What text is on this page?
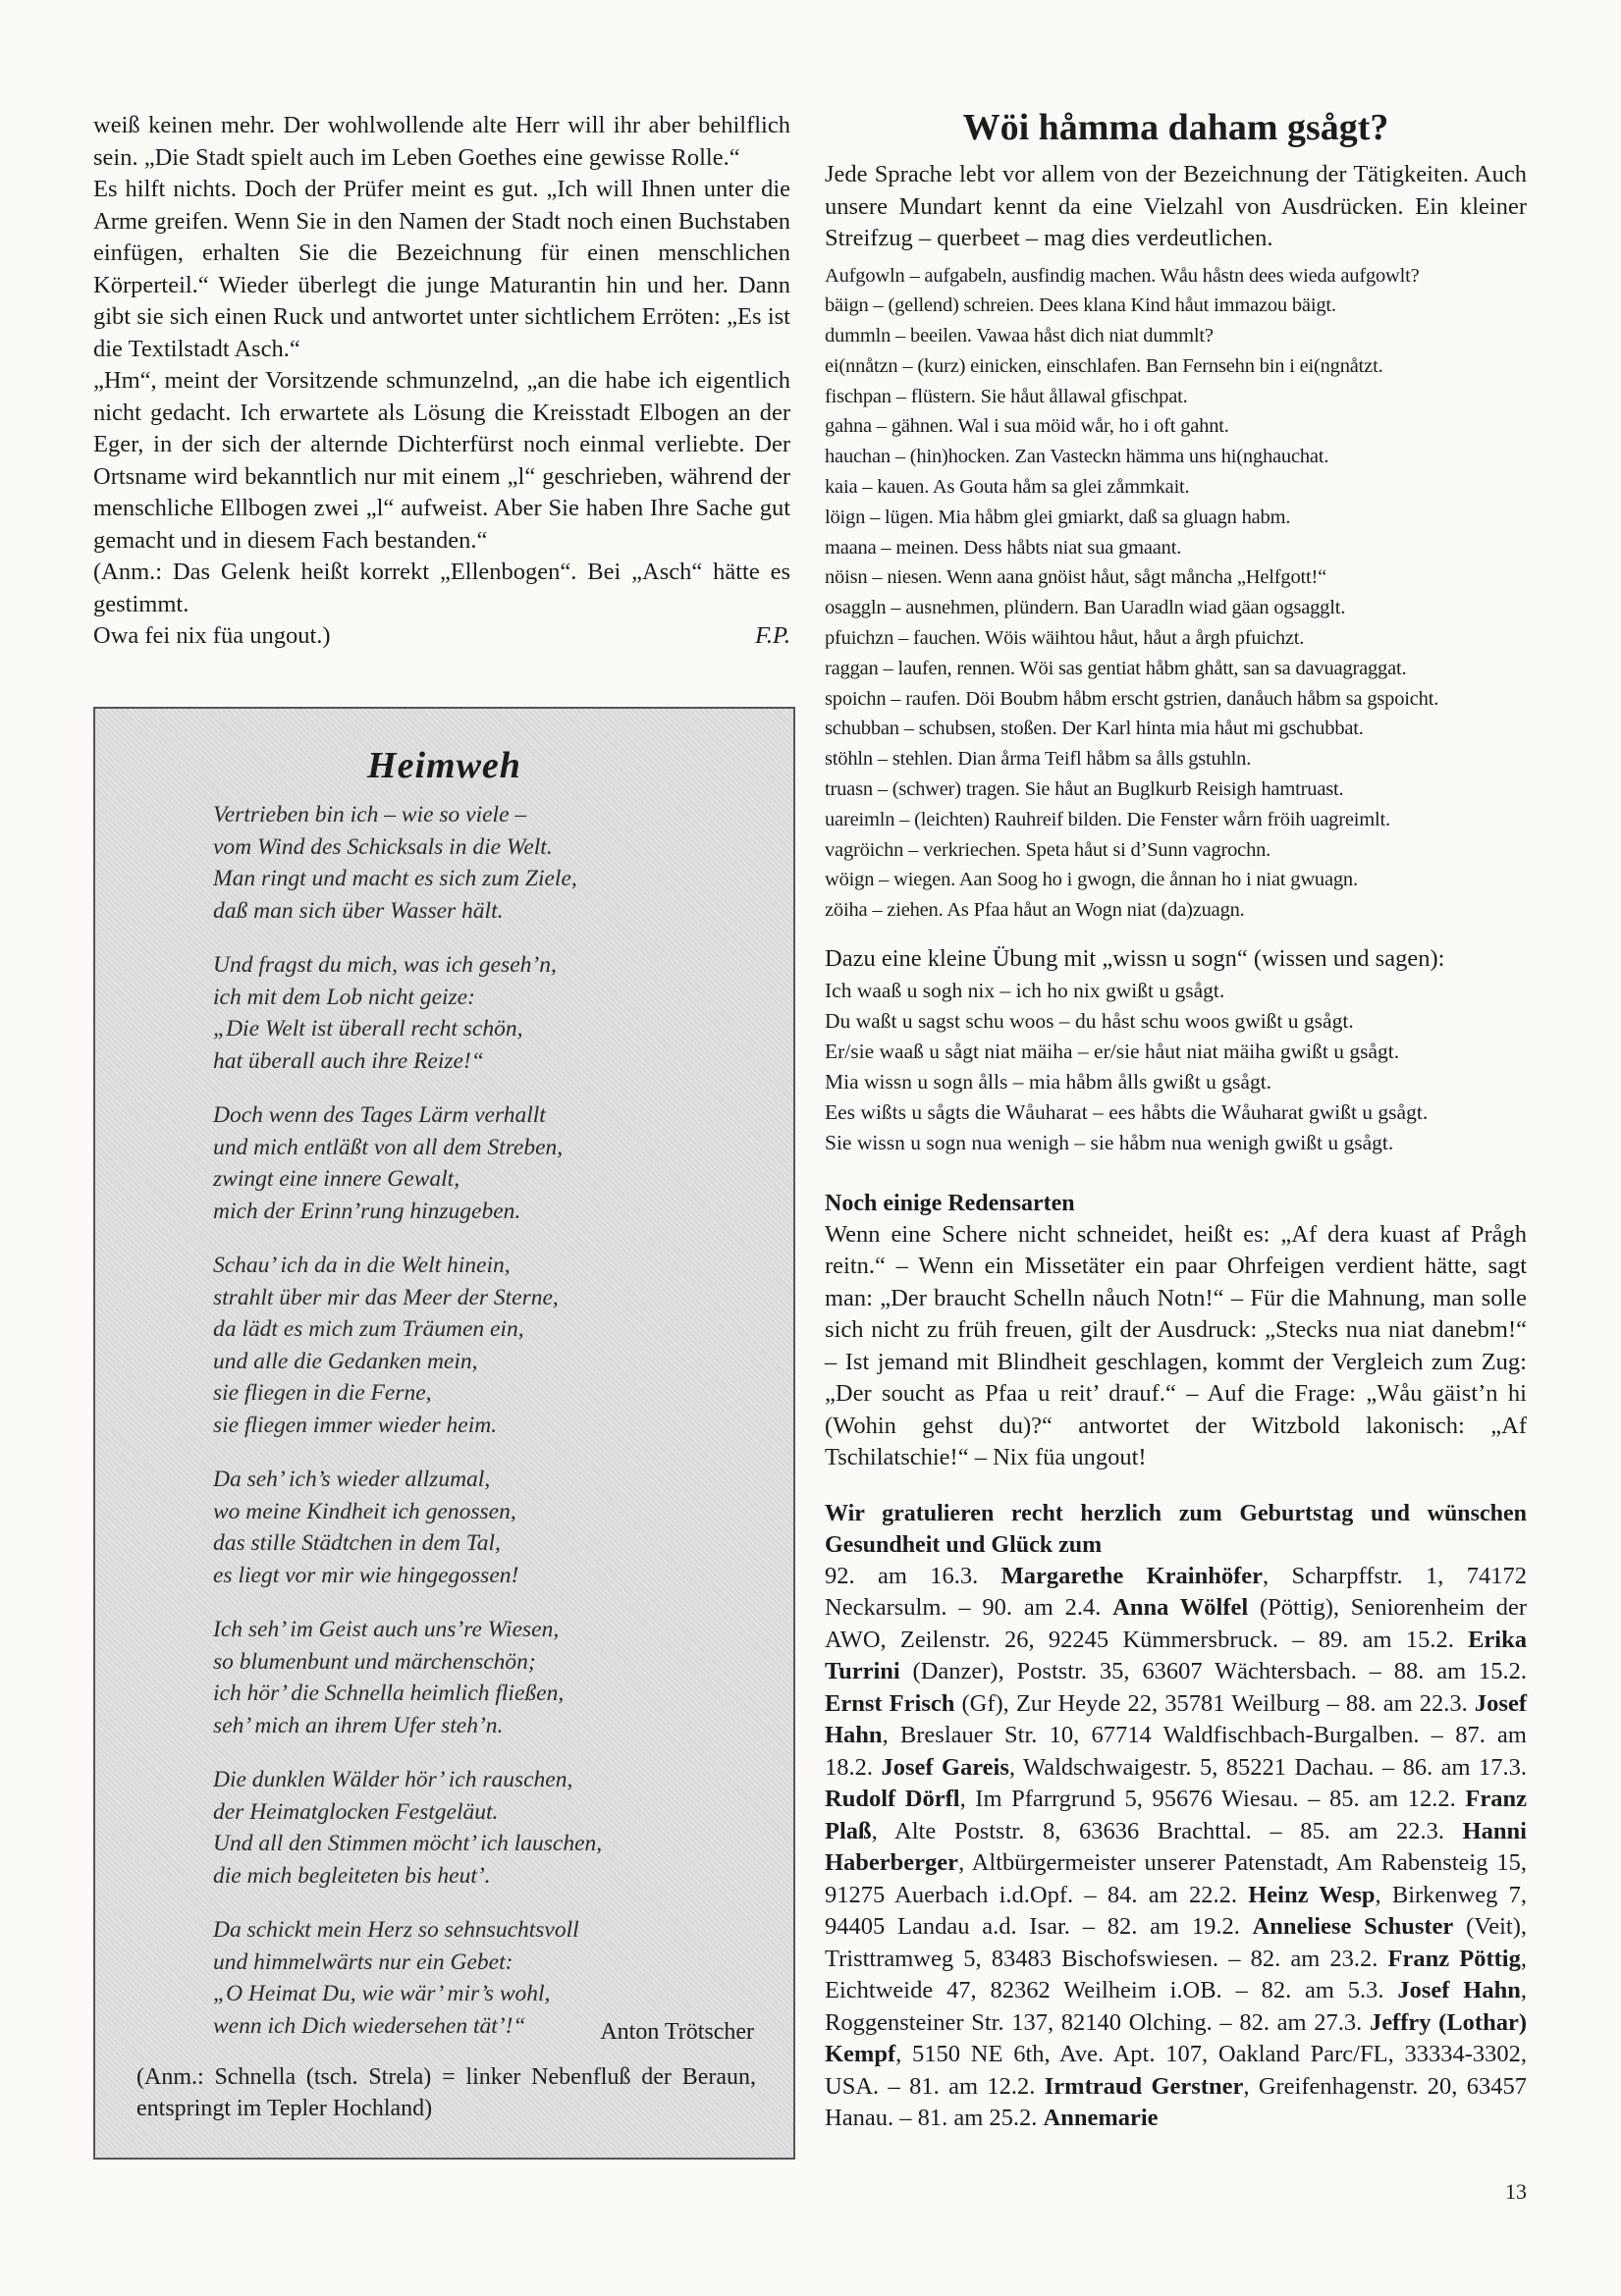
weiß keinen mehr. Der wohlwollende alte Herr will ihr aber behilflich sein. „Die Stadt spielt auch im Leben Goethes eine gewisse Rolle.“

Es hilft nichts. Doch der Prüfer meint es gut. „Ich will Ihnen unter die Arme greifen. Wenn Sie in den Namen der Stadt noch einen Buchstaben einfügen, erhalten Sie die Bezeichnung für einen menschlichen Körperteil.“ Wieder überlegt die junge Maturantin hin und her. Dann gibt sie sich einen Ruck und antwortet unter sichtlichem Erröten: „Es ist die Textilstadt Asch.“

„Hm“, meint der Vorsitzende schmunzelnd, „an die habe ich eigentlich nicht gedacht. Ich erwartete als Lösung die Kreisstadt Elbogen an der Eger, in der sich der alternde Dichterfürst noch einmal verliebte. Der Ortsname wird bekanntlich nur mit einem „l“ geschrieben, während der menschliche Ellbogen zwei „l“ aufweist. Aber Sie haben Ihre Sache gut gemacht und in diesem Fach bestanden.“

(Anm.: Das Gelenk heißt korrekt „Ellenbogen“. Bei „Asch“ hätte es gestimmt.

Owa fei nix füa ungout.)	F.P.
Heimweh
Vertrieben bin ich – wie so viele –
vom Wind des Schicksals in die Welt.
Man ringt und macht es sich zum Ziele,
daß man sich über Wasser hält.
Und fragst du mich, was ich geseh’n,
ich mit dem Lob nicht geize:
„Die Welt ist überall recht schön,
hat überall auch ihre Reize!“
Doch wenn des Tages Lärm verhallt
und mich entläßt von all dem Streben,
zwingt eine innere Gewalt,
mich der Erinn’rung hinzugeben.
Schau’ ich da in die Welt hinein,
strahlt über mir das Meer der Sterne,
da lädt es mich zum Träumen ein,
und alle die Gedanken mein,
sie fliegen in die Ferne,
sie fliegen immer wieder heim.
Da seh’ ich’s wieder allzumal,
wo meine Kindheit ich genossen,
das stille Städtchen in dem Tal,
es liegt vor mir wie hingegossen!
Ich seh’ im Geist auch uns’re Wiesen,
so blumenbunt und märchenschön;
ich hör’ die Schnella heimlich fließen,
seh’ mich an ihrem Ufer steh’n.
Die dunklen Wälder hör’ ich rauschen,
der Heimatglocken Festgeläut.
Und all den Stimmen möcht’ ich lauschen,
die mich begleiteten bis heut’.
Da schickt mein Herz so sehnsuchtsvoll
und himmelwärts nur ein Gebet:
„O Heimat Du, wie wär’ mir’s wohl,
wenn ich Dich wiedersehen tät’!“	Anton Trötscher
(Anm.: Schnella (tsch. Strela) = linker Nebenfluß der Beraun, entspringt im Tepler Hochland)
Wöi håmma daham gsågt?

Jede Sprache lebt vor allem von der Bezeichnung der Tätigkeiten. Auch unsere Mundart kennt da eine Vielzahl von Ausdrücken. Ein kleiner Streifzug – querbeet – mag dies verdeutlichen.

Aufgowln – aufgabeln, ausfindig machen. Wåu håstn dees wieda aufgowlt?
bäign – (gellend) schreien. Dees klana Kind håut immazou bäigt.
dummln – beeilen. Vawaa håst dich niat dummlt?
ei(nnåtzn – (kurz) einicken, einschlafen. Ban Fernsehn bin i ei(ngnåtzt.
fischpan – flüstern. Sie håut ållawal gfischpat.
gahna – gähnen. Wal i sua möid wår, ho i oft gahnt.
hauchan – (hin)hocken. Zan Vasteckn hämma uns hi(nghauchat.
kaia – kauen. As Gouta håm sa glei zåmmkait.
löign – lügen. Mia håbm glei gmiarkt, daß sa gluagn habm.
maana – meinen. Dess håbts niat sua gmaant.
nöisn – niesen. Wenn aana gnöist håut, sågt måncha „Helfgott!“
osaggln – ausnehmen, plündern. Ban Uaradln wiad gäan ogsagglt.
pfuichzn – fauchen. Wöis wäihtou håut, håut a årgh pfuichzt.
raggan – laufen, rennen. Wöi sas gentiat håbm ghått, san sa davuagraggat.
spoichn – raufen. Döi Boubm håbm erscht gstrien, danåuch håbm sa gspoicht.
schubban – schubsen, stoßen. Der Karl hinta mia håut mi gschubbat.
stöhln – stehlen. Dian årma Teifl håbm sa ålls gstuhln.
truasn – (schwer) tragen. Sie håut an Buglkurb Reisigh hamtruast.
uareimln – (leichten) Rauhreif bilden. Die Fenster wårn fröih uagreimlt.
vagröichn – verkriechen. Speta håut si d’Sunn vagrochn.
wöign – wiegen. Aan Soog ho i gwogn, die ånnan ho i niat gwuagn.
zöiha – ziehen. As Pfaa håut an Wogn niat (da)zuagn.

Dazu eine kleine Übung mit „wissn u sogn“ (wissen und sagen):

Ich waaß u sogh nix – ich ho nix gwißt u gsågt.
Du waßt u sagst schu woos – du håst schu woos gwißt u gsågt.
Er/sie waaß u sågt niat mäiha – er/sie håut niat mäiha gwißt u gsågt.
Mia wissn u sogn ålls – mia håbm ålls gwißt u gsågt.
Ees wißts u sågts die Wåuharat – ees håbts die Wåuharat gwißt u gsågt.
Sie wissn u sogn nua wenigh – sie håbm nua wenigh gwißt u gsågt.

Noch einige Redensarten

Wenn eine Schere nicht schneidet, heißt es: „Af dera kuast af Prågh reitn.“ – Wenn ein Missetäter ein paar Ohrfeigen verdient hätte, sagt man: „Der braucht Schelln nåuch Notn!“ – Für die Mahnung, man solle sich nicht zu früh freuen, gilt der Ausdruck: „Stecks nua niat danebm!“ – Ist jemand mit Blindheit geschlagen, kommt der Vergleich zum Zug: „Der soucht as Pfaa u reit’ drauf.“ – Auf die Frage: „Wåu gäist’n hi (Wohin gehst du)?“ antwortet der Witzbold lakonisch: „Af Tschilatschie!“ – Nix füa ungout!

Wir gratulieren recht herzlich zum Geburtstag und wünschen Gesundheit und Glück zum

92. am 16.3. Margarethe Krainhöfer, Scharpffstr. 1, 74172 Neckarsulm. – 90. am 2.4. Anna Wölfel (Pöttig), Seniorenheim der AWO, Zeilenstr. 26, 92245 Kümmersbruck. – 89. am 15.2. Erika Turrini (Danzer), Poststr. 35, 63607 Wächtersbach. – 88. am 15.2. Ernst Frisch (Gf), Zur Heyde 22, 35781 Weilburg – 88. am 22.3. Josef Hahn, Breslauer Str. 10, 67714 Waldfischbach-Burgalben. – 87. am 18.2. Josef Gareis, Waldschwaigestr. 5, 85221 Dachau. – 86. am 17.3. Rudolf Dörfl, Im Pfarrgrund 5, 95676 Wiesau. – 85. am 12.2. Franz Plaß, Alte Poststr. 8, 63636 Brachttal. – 85. am 22.3. Hanni Haberberger, Altbürgermeister unserer Patenstadt, Am Rabensteig 15, 91275 Auerbach i.d.Opf. – 84. am 22.2. Heinz Wesp, Birkenweg 7, 94405 Landau a.d. Isar. – 82. am 19.2. Anneliese Schuster (Veit), Tristtramweg 5, 83483 Bischofswiesen. – 82. am 23.2. Franz Pöttig, Eichtweide 47, 82362 Weilheim i.OB. – 82. am 5.3. Josef Hahn, Roggensteiner Str. 137, 82140 Olching. – 82. am 27.3. Jeffry (Lothar) Kempf, 5150 NE 6th, Ave. Apt. 107, Oakland Parc/FL, 33334-3302, USA. – 81. am 12.2. Irmtraud Gerstner, Greifenhagenstr. 20, 63457 Hanau. – 81. am 25.2. Annemarie

13
